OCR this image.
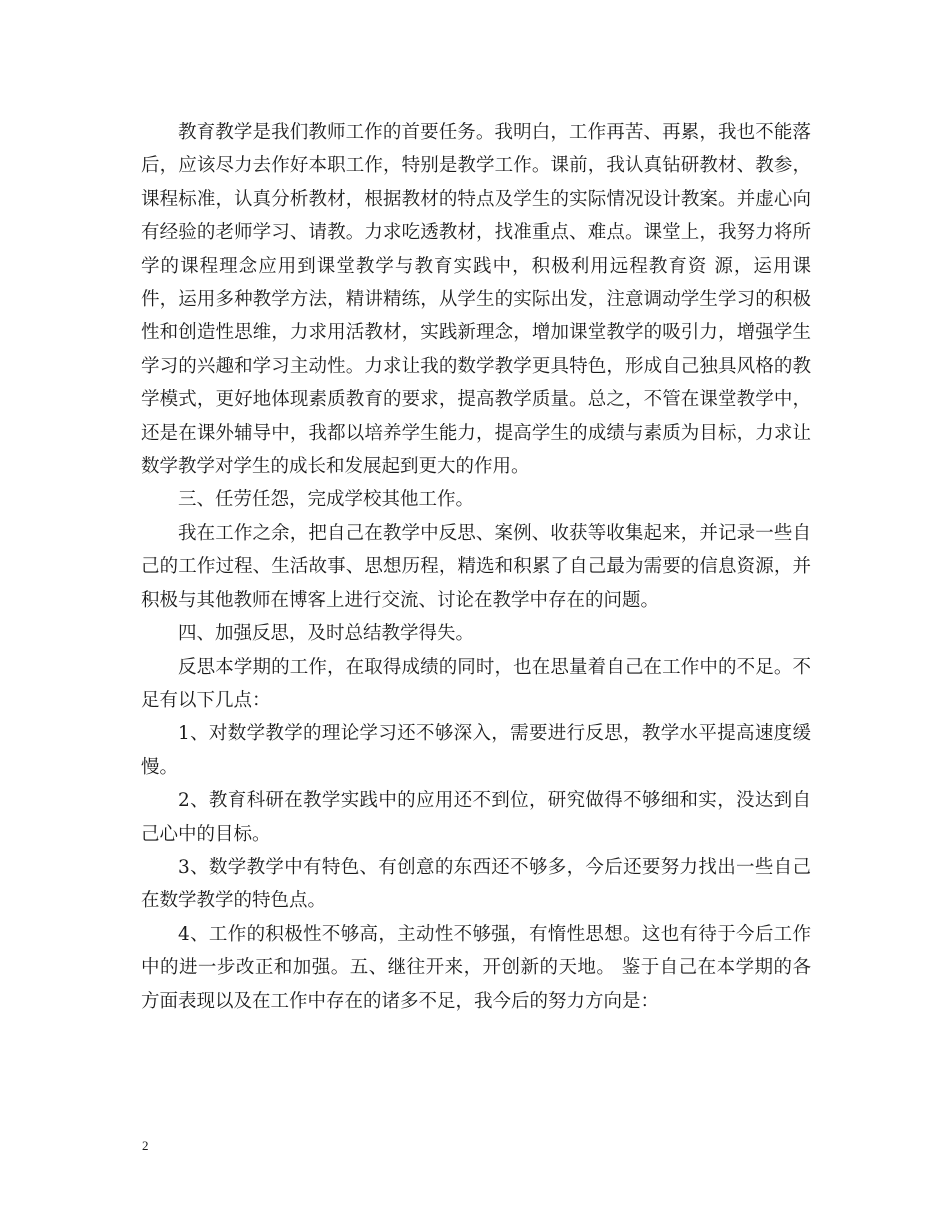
教育教学是我们教师工作的首要任务。我明白，工作再苦、再累，我也不能落后，应该尽力去作好本职工作，特别是教学工作。课前，我认真钻研教材、教参，课程标准，认真分析教材，根据教材的特点及学生的实际情况设计教案。并虚心向有经验的老师学习、请教。力求吃透教材，找准重点、难点。课堂上，我努力将所学的课程理念应用到课堂教学与教育实践中，积极利用远程教育资 源，运用课件，运用多种教学方法，精讲精练，从学生的实际出发，注意调动学生学习的积极性和创造性思维，力求用活教材，实践新理念，增加课堂教学的吸引力，增强学生学习的兴趣和学习主动性。力求让我的数学教学更具特色，形成自己独具风格的教学模式，更好地体现素质教育的要求，提高教学质量。总之，不管在课堂教学中，还是在课外辅导中，我都以培养学生能力，提高学生的成绩与素质为目标，力求让数学教学对学生的成长和发展起到更大的作用。

三、任劳任怨，完成学校其他工作。

我在工作之余，把自己在教学中反思、案例、收获等收集起来，并记录一些自己的工作过程、生活故事、思想历程，精选和积累了自己最为需要的信息资源，并积极与其他教师在博客上进行交流、讨论在教学中存在的问题。

四、加强反思，及时总结教学得失。

反思本学期的工作，在取得成绩的同时，也在思量着自己在工作中的不足。不足有以下几点：

1、对数学教学的理论学习还不够深入，需要进行反思，教学水平提高速度缓慢。

2、教育科研在教学实践中的应用还不到位，研究做得不够细和实，没达到自己心中的目标。

3、数学教学中有特色、有创意的东西还不够多，今后还要努力找出一些自己在数学教学的特色点。

4、工作的积极性不够高，主动性不够强，有惰性思想。这也有待于今后工作中的进一步改正和加强。五、继往开来，开创新的天地。 鉴于自己在本学期的各方面表现以及在工作中存在的诸多不足，我今后的努力方向是：

2
